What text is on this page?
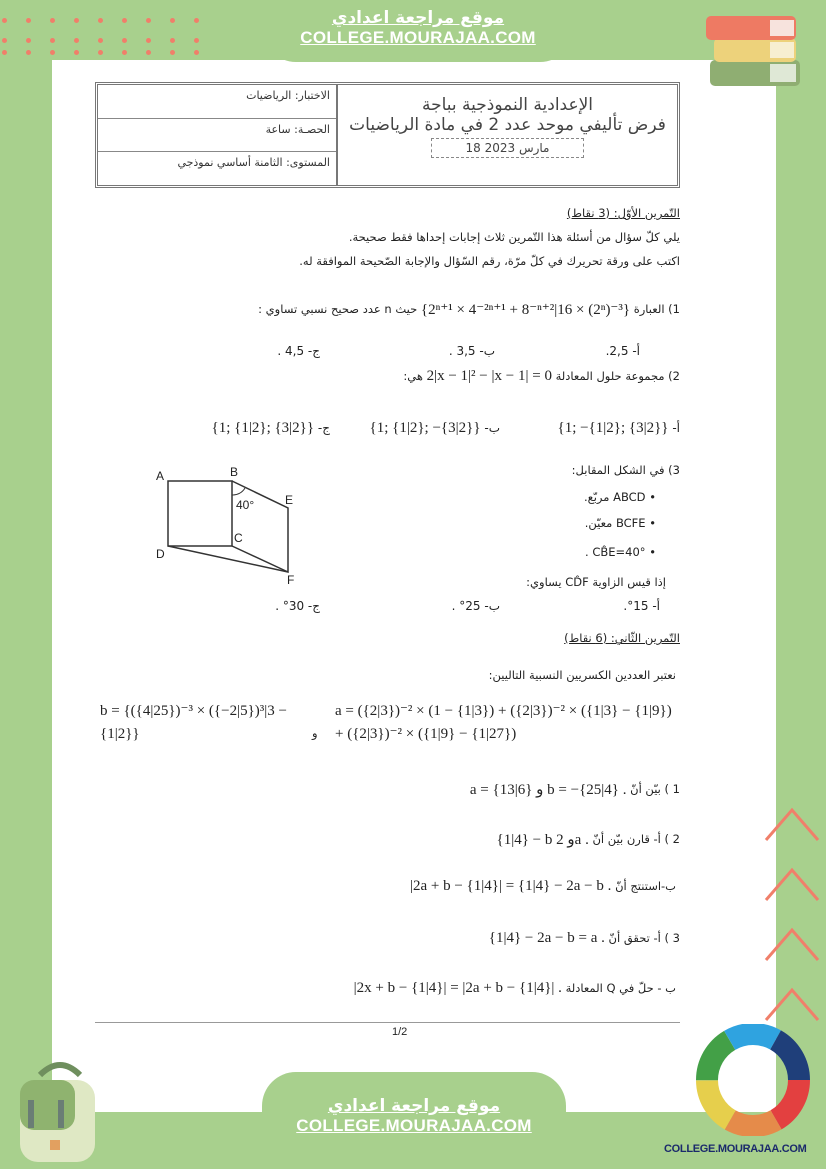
موقع مراجعة اعدادي
COLLEGE.MOURAJAA.COM
الاختبار: الرياضيات
الحصـة: ساعة
المستوى: الثامنة أساسي نموذجي
الإعدادية النموذجية بباجة
فرض تأليفي موحد عدد 2 في مادة الرياضيات
18 مارس 2023
التّمرين الأوّل: (3 نقاط)
يلي كلّ سؤال من أسئلة هذا التّمرين ثلاث إجابات إحداها فقط صحيحة.
اكتب على ورقة تحريرك في كلّ مرّة، رقم السّؤال والإجابة الصّحيحة الموافقة له.
1) العبارة {2ⁿ⁺¹ × 4⁻²ⁿ⁺¹ + 8⁻ⁿ⁺²|16 × (2ⁿ)⁻³} حيث n عدد صحيح نسبي تساوي :
أ- 2,5.
ب- 3,5 .
ج- 4,5 .
2) مجموعة حلول المعادلة 2|x − 1|² − |x − 1| = 0 هي:
أ- {1; −{1|2}; {3|2}}
ب- {1; {1|2}; −{3|2}}
ج- {1; {1|2}; {3|2}}
3) في الشكل المقابل:
• ABCD مربّع.
• BCFE معيّن.
• CB̂E=40° .
إذا قيس الزاوية CD̂F يساوي:
أ- 15°.
ب- 25° .
ج- 30° .
A	B
C
D
E
F
40°
التّمرين الثّاني: (6 نقاط)
نعتبر العددين الكسريين النسبية التاليين:
a = ({2|3})⁻² × (1 − {1|3}) + ({2|3})⁻² × ({1|3} − {1|9}) + ({2|3})⁻² × ({1|9} − {1|27})
و
b = {({4|25})⁻³ × ({−2|5})³|3 − {1|2}}
1 ) بيّن أنّ a = {13|6} و b = −{25|4} .
2 ) أ- قارن بيّن أنّ {1|4} − b و 2a .
ب-استنتج أنّ |2a + b − {1|4}| = {1|4} − 2a − b .
3 ) أ- تحقق أنّ {1|4} − 2a − b = a .
ب - حلّ في Q المعادلة |2x + b − {1|4}| = |2a + b − {1|4}| .
1/2
موقع مراجعة اعدادي
COLLEGE.MOURAJAA.COM
COLLEGE.MOURAJAA.COM
